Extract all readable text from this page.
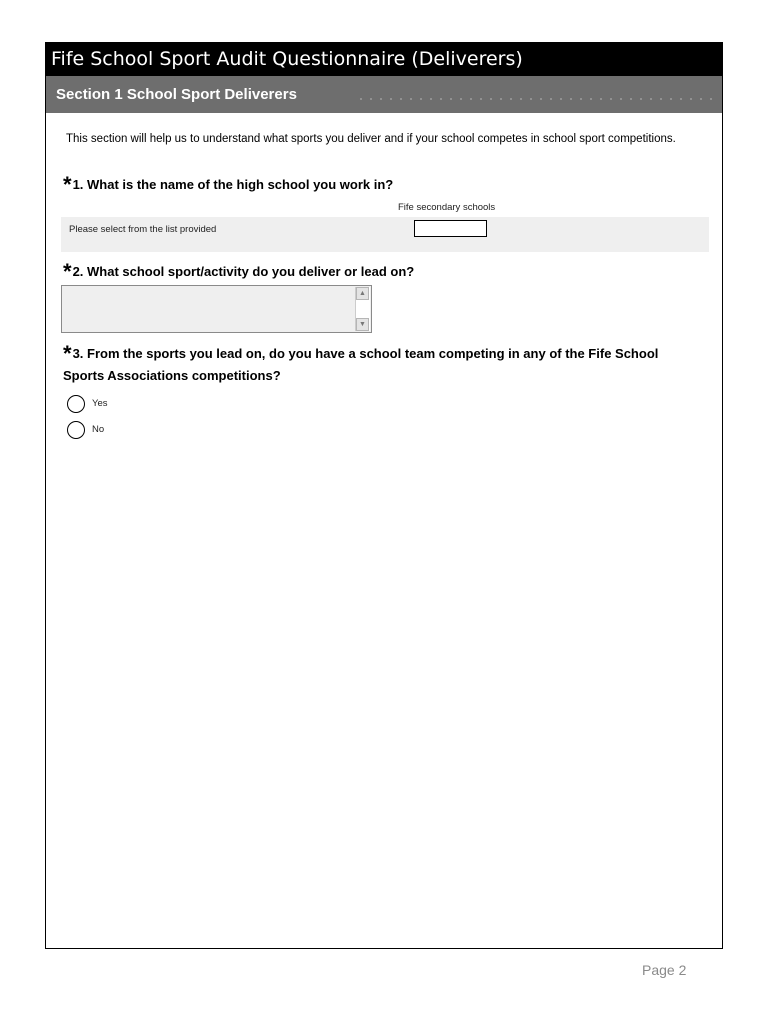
Fife School Sport Audit Questionnaire (Deliverers)
Section 1 School Sport Deliverers
This section will help us to understand what sports you deliver and if your school competes in school sport competitions.
*1. What is the name of the high school you work in?
Fife secondary schools
Please select from the list provided
*2. What school sport/activity do you deliver or lead on?
▲
▼
*3. From the sports you lead on, do you have a school team competing in any of the Fife School Sports Associations competitions?
Yes
No
Page 2
